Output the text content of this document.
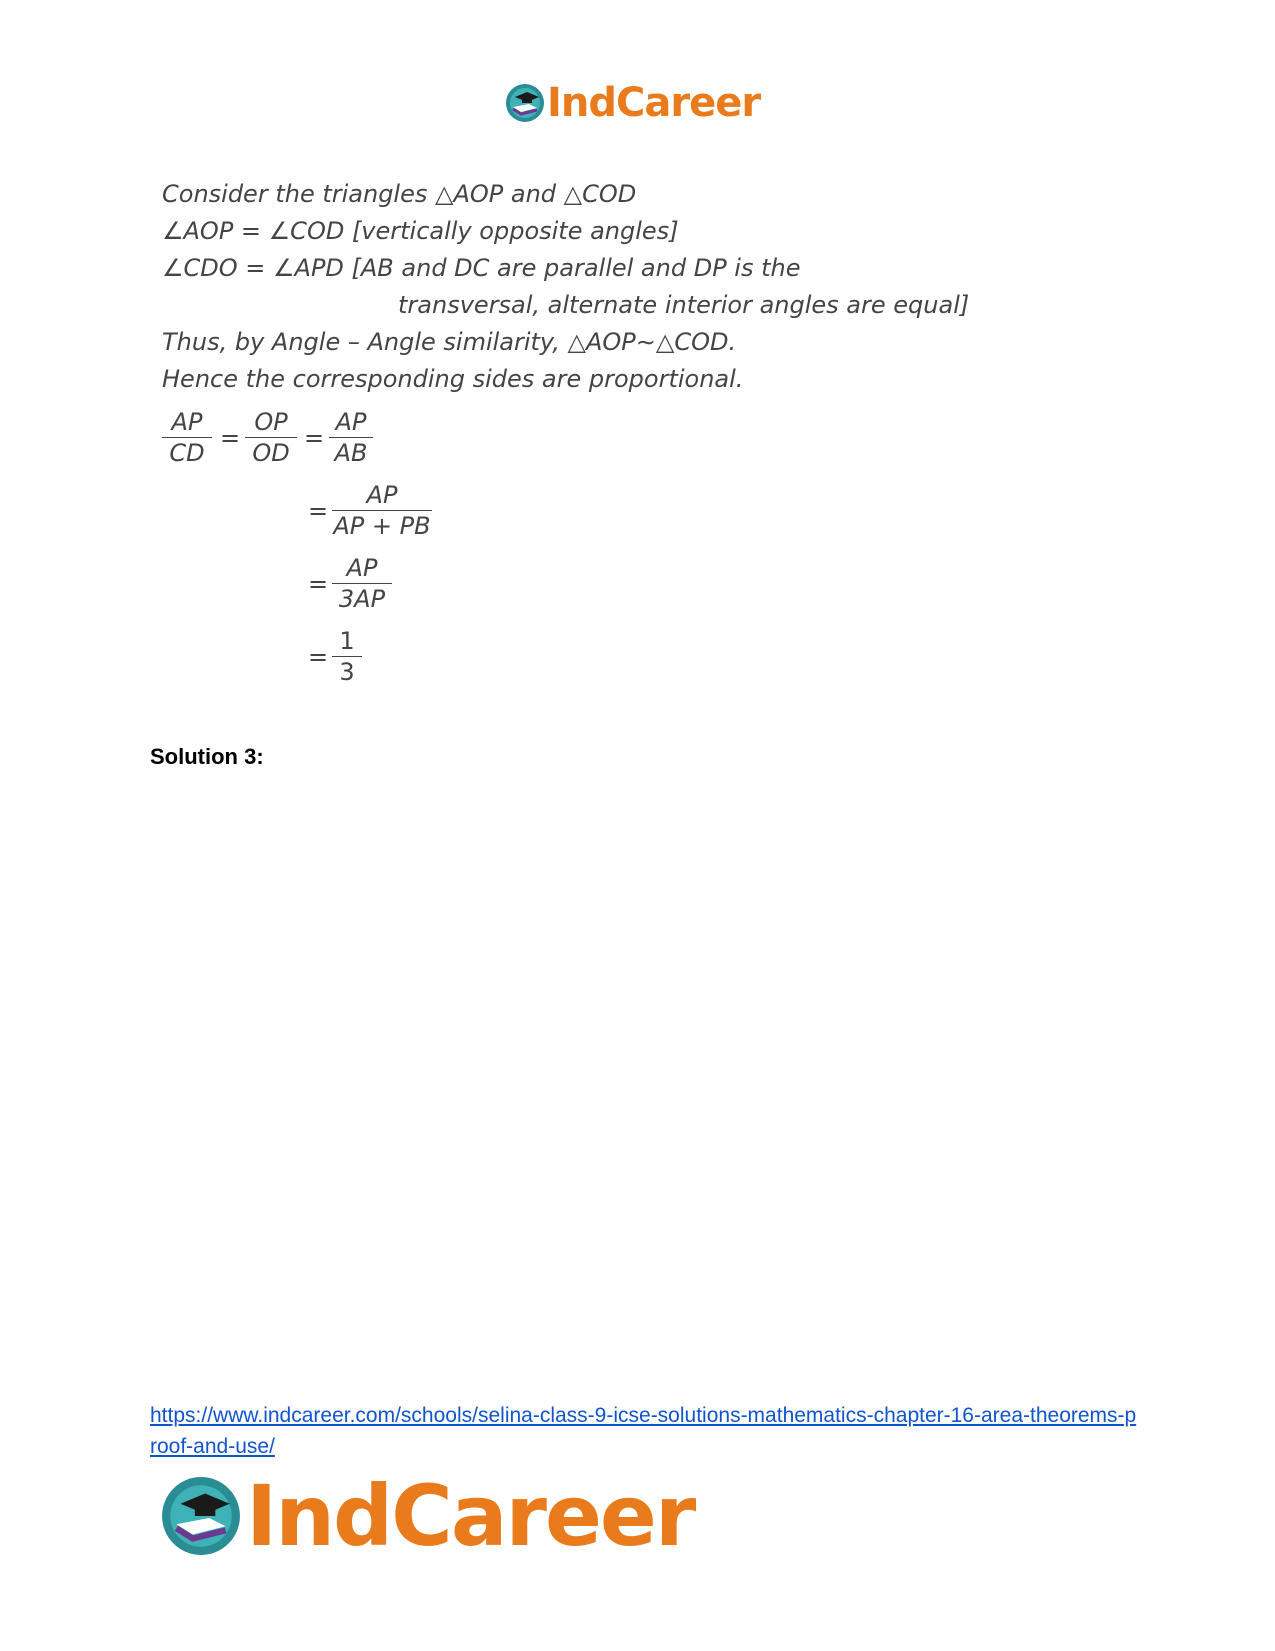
IndCareer
Consider the triangles △AOP and △COD
∠AOP = ∠COD [vertically opposite angles]
∠CDO = ∠APD [AB and DC are parallel and DP is the
transversal, alternate interior angles are equal]
Thus, by Angle – Angle similarity, △AOP∼△COD.
Hence the corresponding sides are proportional.
AP
CD
=
OP
OD
=
AP
AB
=
AP
AP + PB
=
AP
3AP
=
1
3
Solution 3:
https://www.indcareer.com/schools/selina-class-9-icse-solutions-mathematics-chapter-16-area-theorems-proof-and-use/
IndCareer
